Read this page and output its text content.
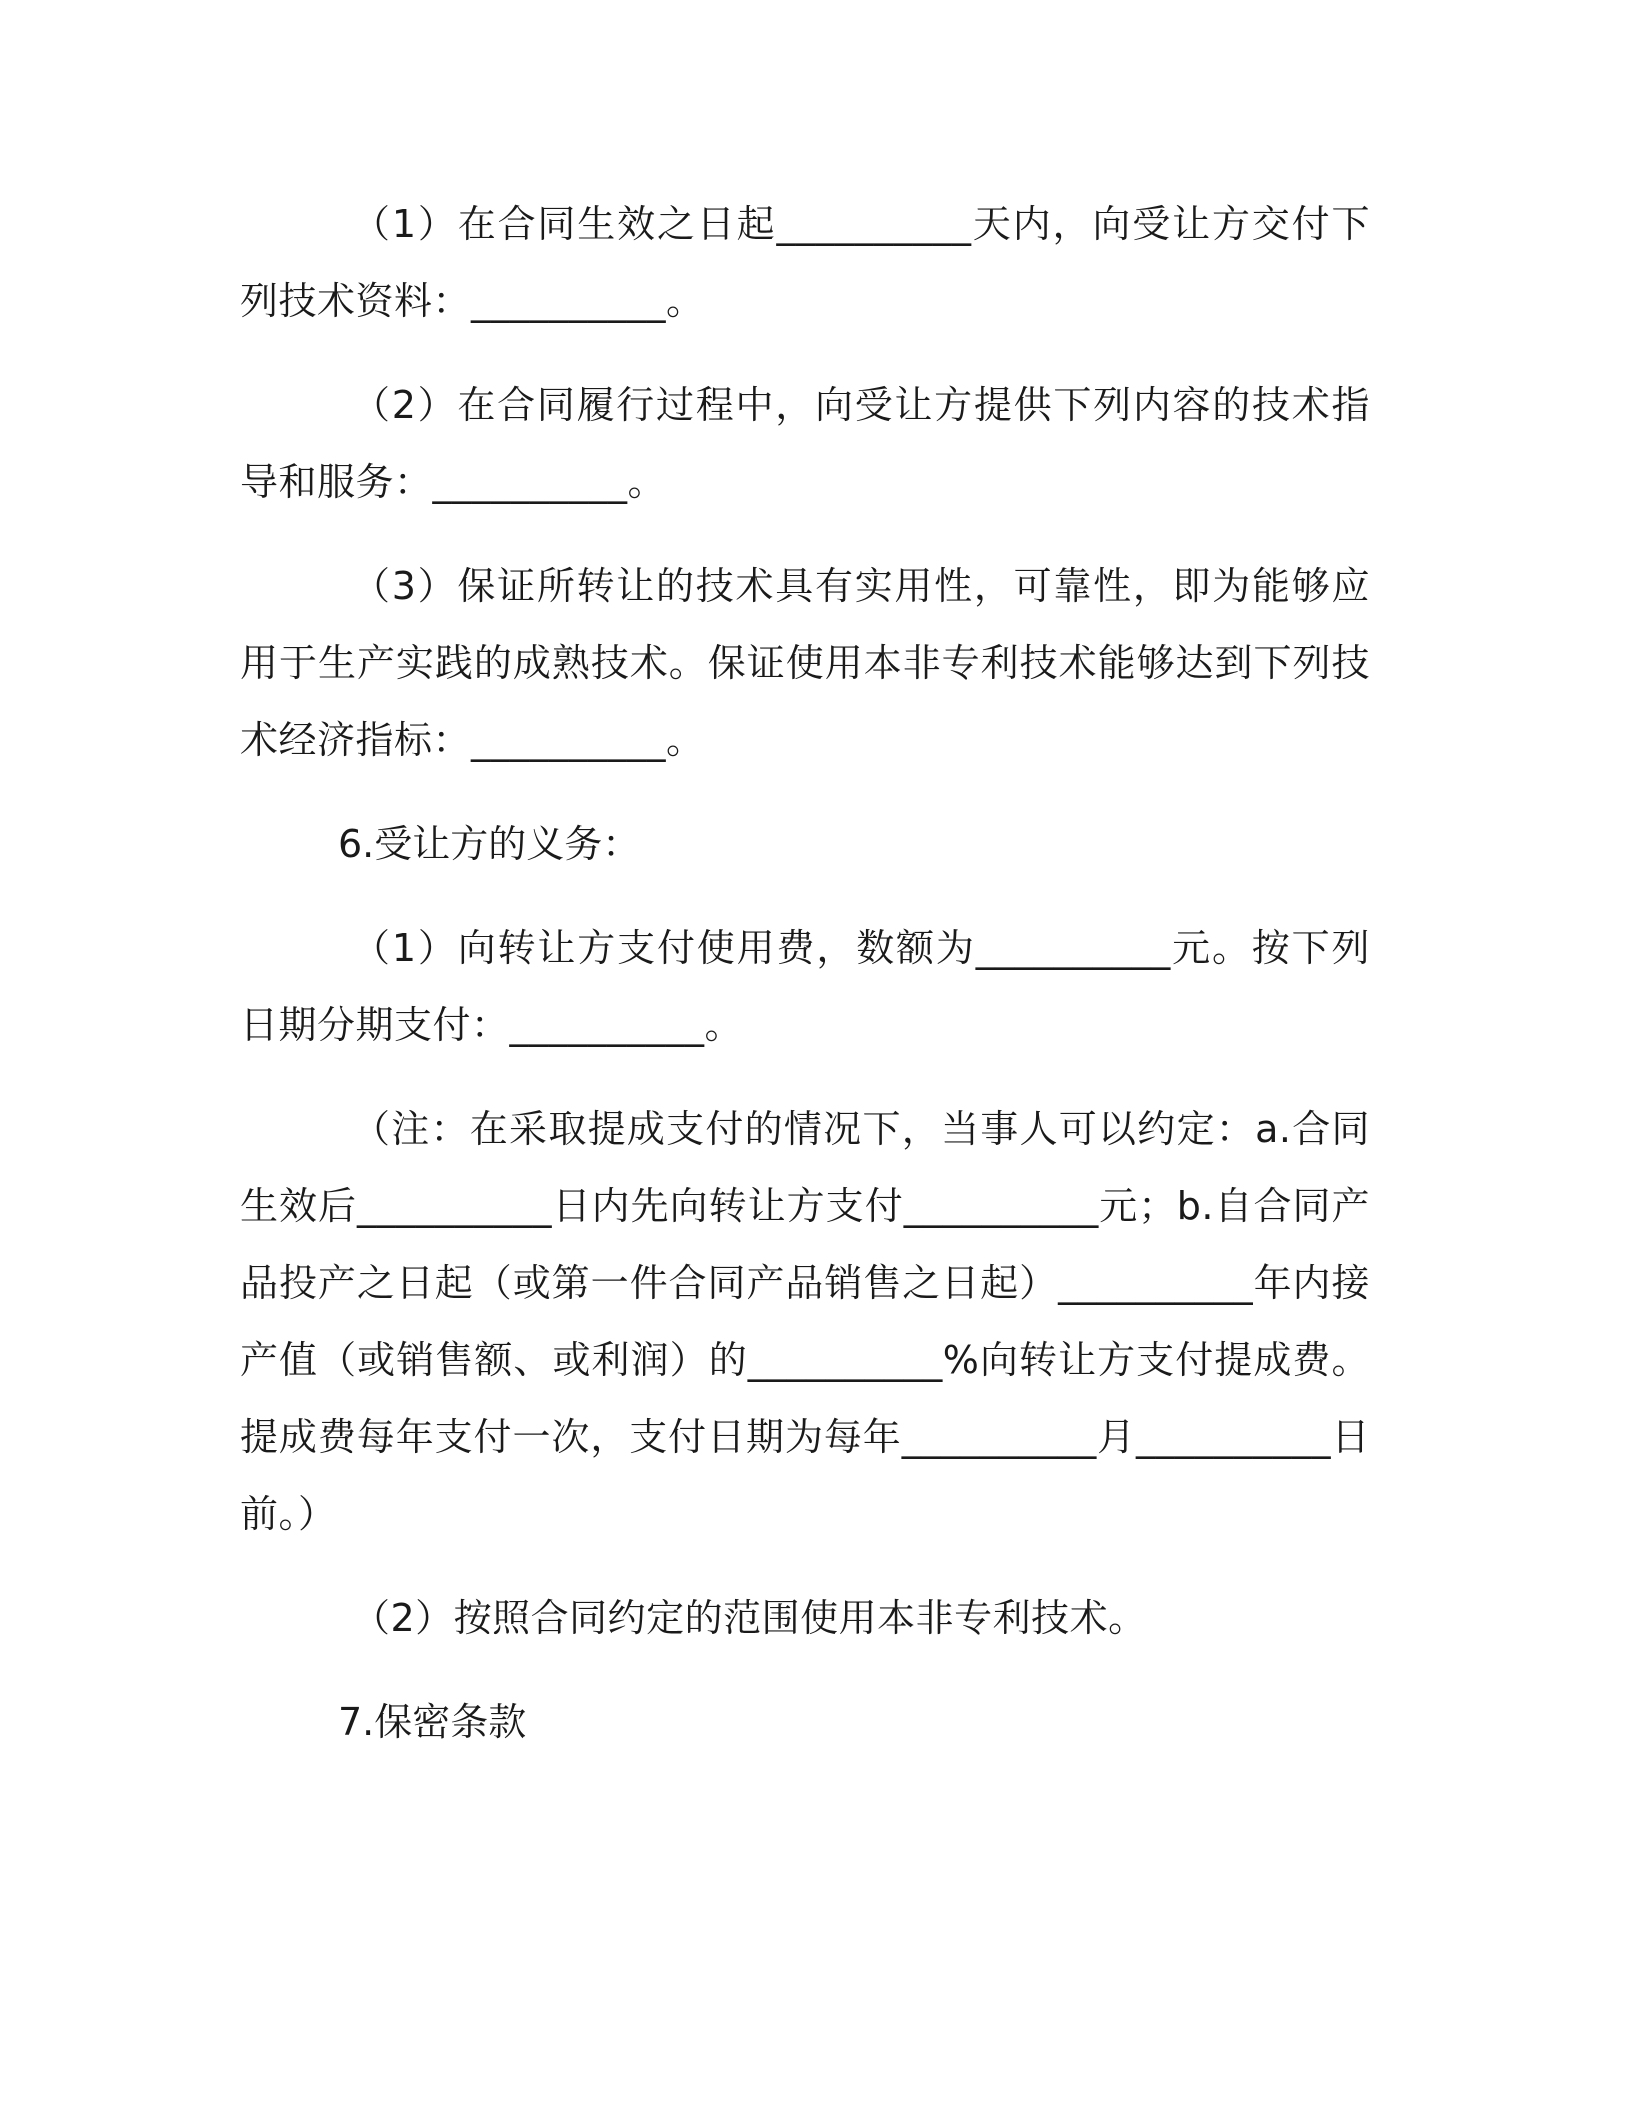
（1）在合同生效之日起__________天内，向受让方交付下列技术资料：__________。

（2）在合同履行过程中，向受让方提供下列内容的技术指导和服务：__________。

（3）保证所转让的技术具有实用性，可靠性，即为能够应用于生产实践的成熟技术。保证使用本非专利技术能够达到下列技术经济指标：__________。

6.受让方的义务：

（1）向转让方支付使用费，数额为__________元。按下列日期分期支付：__________。

（注：在采取提成支付的情况下，当事人可以约定：a.合同生效后__________日内先向转让方支付__________元；b.自合同产品投产之日起（或第一件合同产品销售之日起）__________年内接产值（或销售额、或利润）的__________%向转让方支付提成费。提成费每年支付一次，支付日期为每年__________月__________日前。）

（2）按照合同约定的范围使用本非专利技术。

7.保密条款
